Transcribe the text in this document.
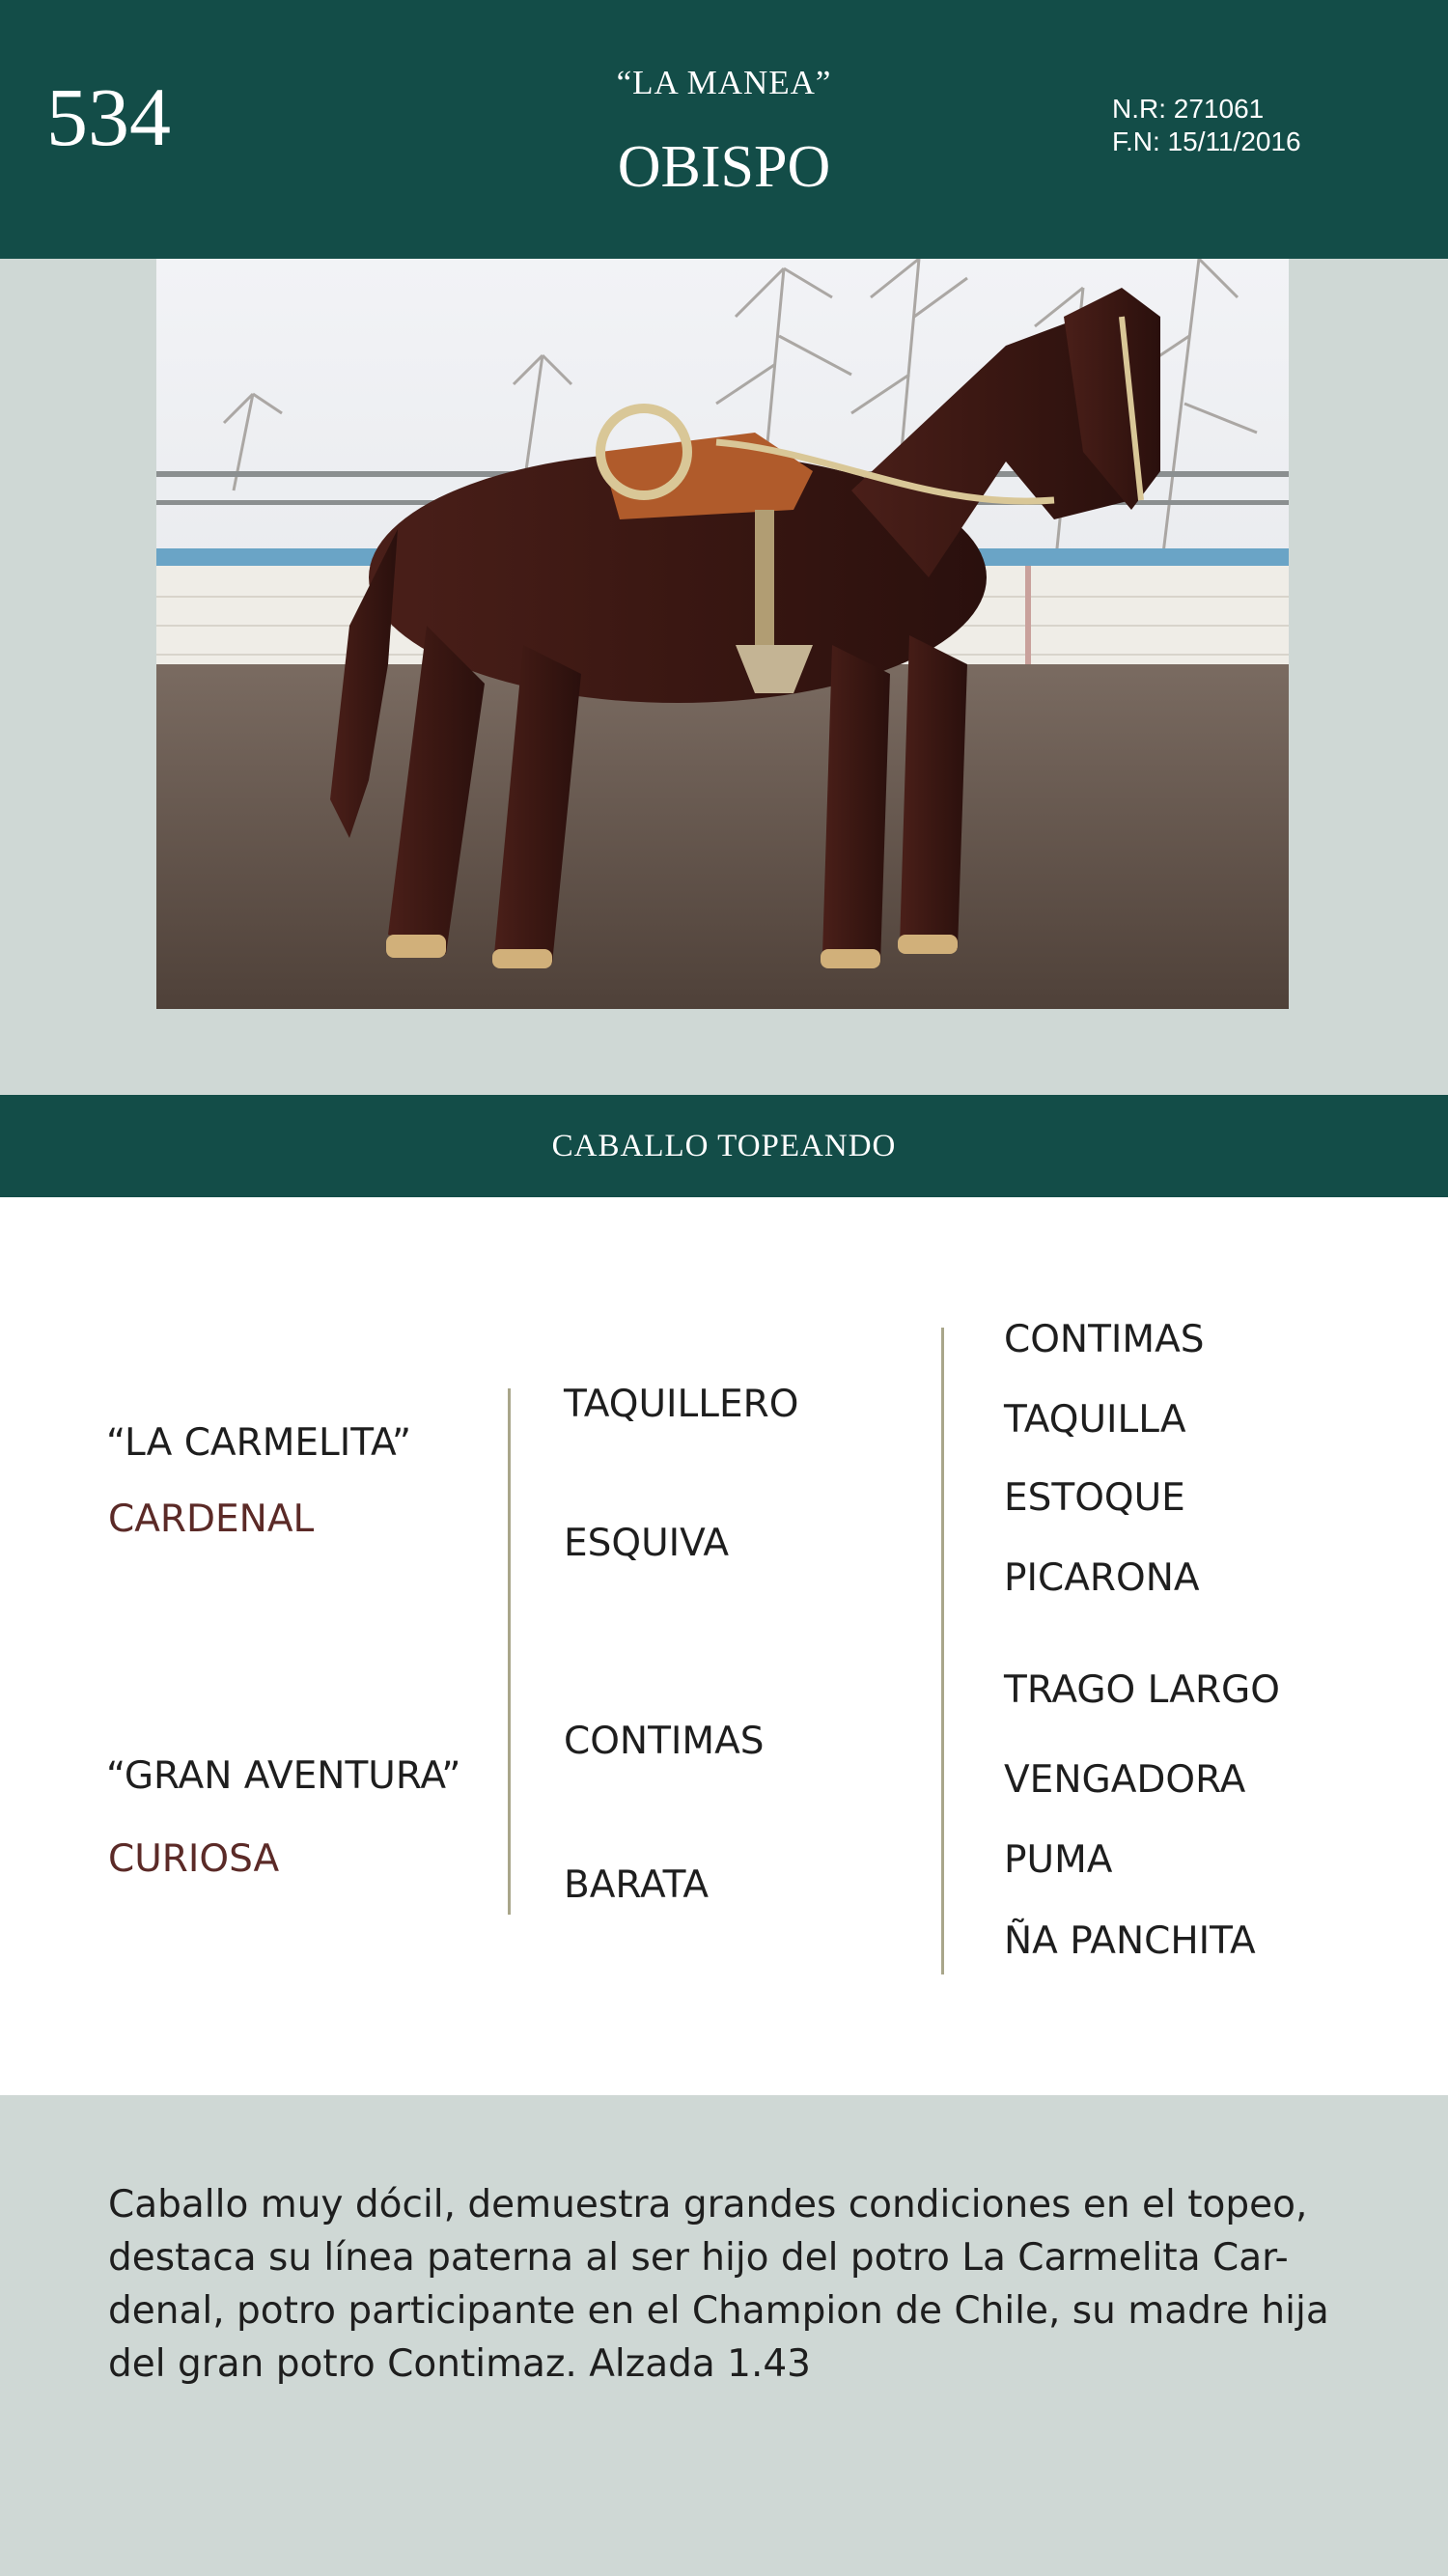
534	“LA MANEA”
OBISPO
N.R: 271061
F.N: 15/11/2016
CABALLO TOPEANDO
“LA CARMELITA”
CARDENAL
“GRAN AVENTURA”
CURIOSA
TAQUILLERO
ESQUIVA
CONTIMAS
BARATA
CONTIMAS
TAQUILLA
ESTOQUE
PICARONA
TRAGO LARGO
VENGADORA
PUMA
ÑA PANCHITA

Caballo muy dócil, demuestra grandes condiciones en el topeo, destaca su línea paterna al ser hijo del potro La Carmelita Car-denal, potro participante en el Champion de Chile, su madre hija del gran potro Contimaz. Alzada 1.43
